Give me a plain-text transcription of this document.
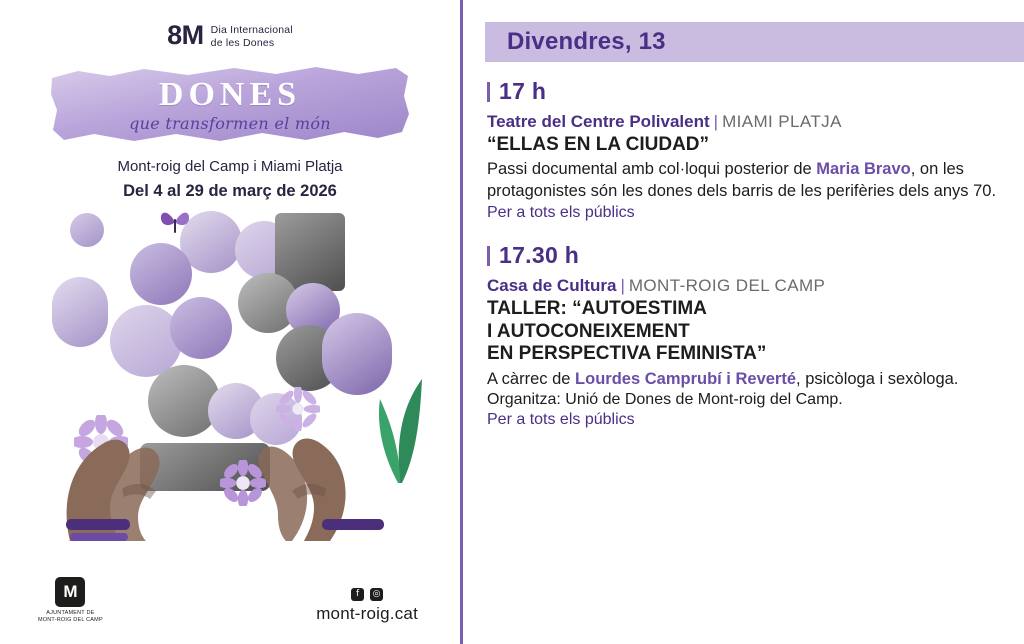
8M Dia Internacional
de les Dones
DONES
que transformen el món
Mont-roig del Camp i Miami Platja
Del 4 al 29 de març de 2026
M
AJUNTAMENT DE
MONT-ROIG DEL CAMP
f	◎
mont-roig.cat
Divendres, 13
17 h
Teatre del Centre Polivalent | MIAMI PLATJA
“ELLAS EN LA CIUDAD”
Passi documental amb col·loqui posterior de Maria Bravo, on les protagonistes són les dones dels barris de les perifèries dels anys 70.
Per a tots els públics
17.30 h
Casa de Cultura | MONT-ROIG DEL CAMP
TALLER: “AUTOESTIMA
I AUTOCONEIXEMENT
EN PERSPECTIVA FEMINISTA”
A càrrec de Lourdes Camprubí i Reverté, psicòloga i sexòloga.
Organitza: Unió de Dones de Mont-roig del Camp.
Per a tots els públics
